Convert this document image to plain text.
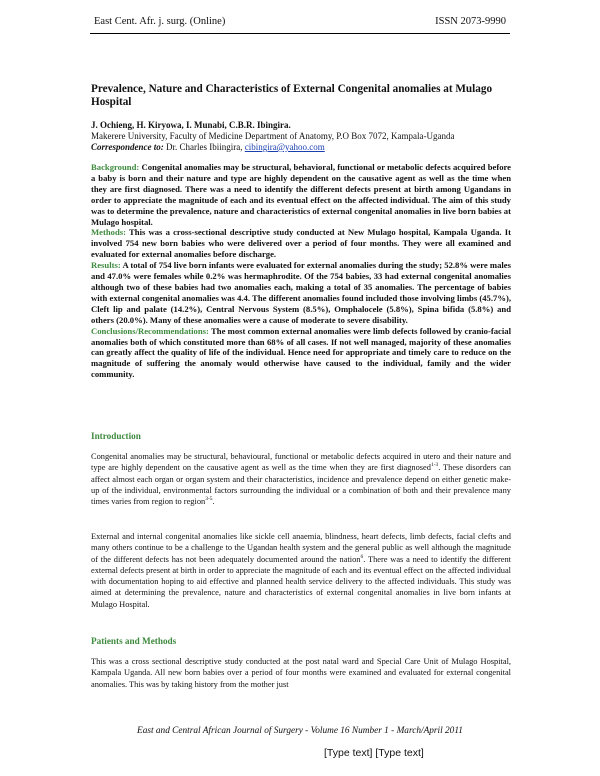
East Cent. Afr. j. surg. (Online)	ISSN 2073-9990
Prevalence, Nature and Characteristics of External Congenital anomalies at Mulago Hospital
J. Ochieng, H. Kiryowa, I. Munabi, C.B.R. Ibingira.
Makerere University, Faculty of Medicine Department of Anatomy, P.O Box 7072, Kampala-Uganda
Correspondence to: Dr. Charles Ibiingira, cibingira@yahoo.com

Background: Congenital anomalies may be structural, behavioral, functional or metabolic defects acquired before a baby is born and their nature and type are highly dependent on the causative agent as well as the time when they are first diagnosed. There was a need to identify the different defects present at birth among Ugandans in order to appreciate the magnitude of each and its eventual effect on the affected individual. The aim of this study was to determine the prevalence, nature and characteristics of external congenital anomalies in live born babies at Mulago hospital.

Methods: This was a cross-sectional descriptive study conducted at New Mulago hospital, Kampala Uganda. It involved 754 new born babies who were delivered over a period of four months. They were all examined and evaluated for external anomalies before discharge.

Results: A total of 754 live born infants were evaluated for external anomalies during the study; 52.8% were males and 47.0% were females while 0.2% was hermaphrodite. Of the 754 babies, 33 had external congenital anomalies although two of these babies had two anomalies each, making a total of 35 anomalies. The percentage of babies with external congenital anomalies was 4.4. The different anomalies found included those involving limbs (45.7%), Cleft lip and palate (14.2%), Central Nervous System (8.5%), Omphalocele (5.8%), Spina bifida (5.8%) and others (20.0%). Many of these anomalies were a cause of moderate to severe disability.

Conclusions/Recommendations: The most common external anomalies were limb defects followed by cranio-facial anomalies both of which constituted more than 68% of all cases. If not well managed, majority of these anomalies can greatly affect the quality of life of the individual. Hence need for appropriate and timely care to reduce on the magnitude of suffering the anomaly would otherwise have caused to the individual, family and the wider community.

Introduction
Congenital anomalies may be structural, behavioural, functional or metabolic defects acquired in utero and their nature and type are highly dependent on the causative agent as well as the time when they are first diagnosed$^{1-3}$. These disorders can affect almost each organ or organ system and their characteristics, incidence and prevalence depend on either genetic make-up of the individual, environmental factors surrounding the individual or a combination of both and their prevalence many times varies from region to region$^{3-5}$.
External and internal congenital anomalies like sickle cell anaemia, blindness, heart defects, limb defects, facial clefts and many others continue to be a challenge to the Ugandan health system and the general public as well although the magnitude of the different defects has not been adequately documented around the nation$^6$. There was a need to identify the different external defects present at birth in order to appreciate the magnitude of each and its eventual effect on the affected individual with documentation hoping to aid effective and planned health service delivery to the affected individuals. This study was aimed at determining the prevalence, nature and characteristics of external congenital anomalies in live born infants at Mulago Hospital.
Patients and Methods
This was a cross sectional descriptive study conducted at the post natal ward and Special Care Unit of Mulago Hospital, Kampala Uganda. All new born babies over a period of four months were examined and evaluated for external congenital anomalies. This was by taking history from the mother just
East and Central African Journal of Surgery - Volume 16 Number 1 - March/April 2011
[Type text] [Type text]
